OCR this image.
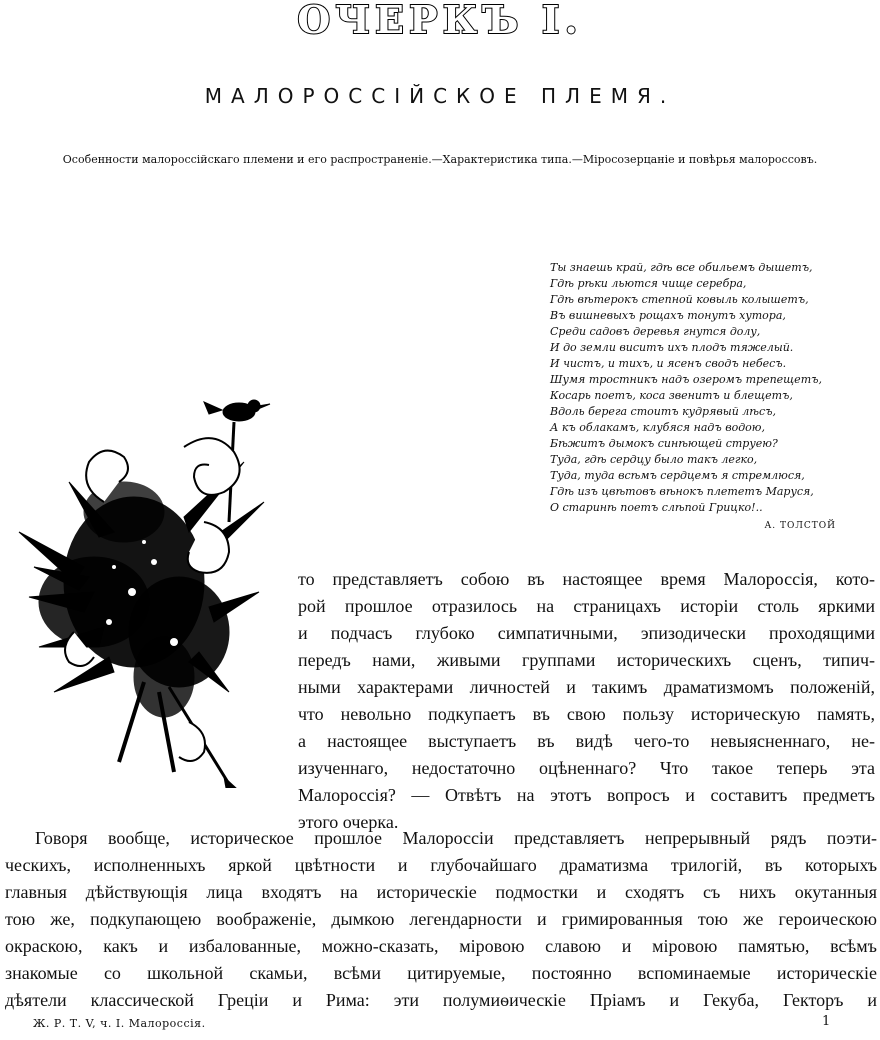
ОЧЕРКЪ I.
МАЛОРОССІЙСКОЕ ПЛЕМЯ.
Особенности малороссійскаго племени и его распространеніе.—Характеристика типа.—Міросозерцаніе и повѣрья малороссовъ.
Ты знаешь край, гдѣ все обильемъ дышетъ,
Гдѣ рѣки льются чище серебра,
Гдѣ вѣтерокъ степной ковыль колышетъ,
Въ вишневыхъ рощахъ тонутъ хутора,
Среди садовъ деревья гнутся долу,
И до земли виситъ ихъ плодъ тяжелый.
И чистъ, и тихъ, и ясенъ сводъ небесъ.
Шумя тростникъ надъ озеромъ трепещетъ,
Косарь поетъ, коса звенитъ и блещетъ,
Вдоль берега стоитъ кудрявый лѣсъ,
А къ облакамъ, клубяся надъ водою,
Бѣжитъ дымокъ синѣющей струею?
Туда, гдѣ сердцу было такъ легко,
Туда, туда всѣмъ сердцемъ я стремлюся,
Гдѣ изъ цвѣтовъ вѣнокъ плететъ Маруся,
О старинѣ поетъ слѣпой Грицко!..
А. ТОЛСТОЙ
то представляетъ собою въ настоящее время Малороссія, кото-
рой прошлое отразилось на страницахъ исторіи столь яркими
и подчасъ глубоко симпатичными, эпизодически проходящими
передъ нами, живыми группами историческихъ сценъ, типич-
ными характерами личностей и такимъ драматизмомъ положеній,
что невольно подкупаетъ въ свою пользу историческую память,
а настоящее выступаетъ въ видѣ чего-то невыясненнаго, не-
изученнаго, недостаточно оцѣненнаго? Что такое теперь эта
Малороссія? — Отвѣтъ на этотъ вопросъ и составитъ предметъ
этого очерка.
Говоря вообще, историческое прошлое Малороссіи представляетъ непрерывный рядъ поэти-
ческихъ, исполненныхъ яркой цвѣтности и глубочайшаго драматизма трилогій, въ которыхъ
главныя дѣйствующія лица входятъ на историческіе подмостки и сходятъ съ нихъ окутанныя
тою же, подкупающею воображеніе, дымкою легендарности и гримированныя тою же героическою
окраскою, какъ и избалованные, можно-сказать, міровою славою и міровою памятью, всѣмъ
знакомые со школьной скамьи, всѣми цитируемые, постоянно вспоминаемые историческіе
дѣятели классической Греціи и Рима: эти полумиѳическіе Пріамъ и Гекуба, Гекторъ и
Ж. Р. Т. V, ч. I. Малороссія.	1
